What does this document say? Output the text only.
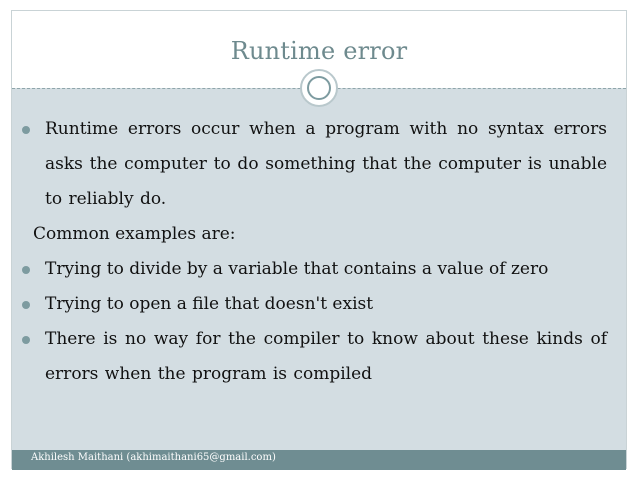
Runtime error
Runtime errors occur when a program with no syntax errors asks the computer to do something that the computer is unable to reliably do.
Common examples are:
Trying to divide by a variable that contains a value of zero
Trying to open a file that doesn't exist
There is no way for the compiler to know about these kinds of errors when the program is compiled
Akhilesh Maithani (akhimaithani65@gmail.com)
